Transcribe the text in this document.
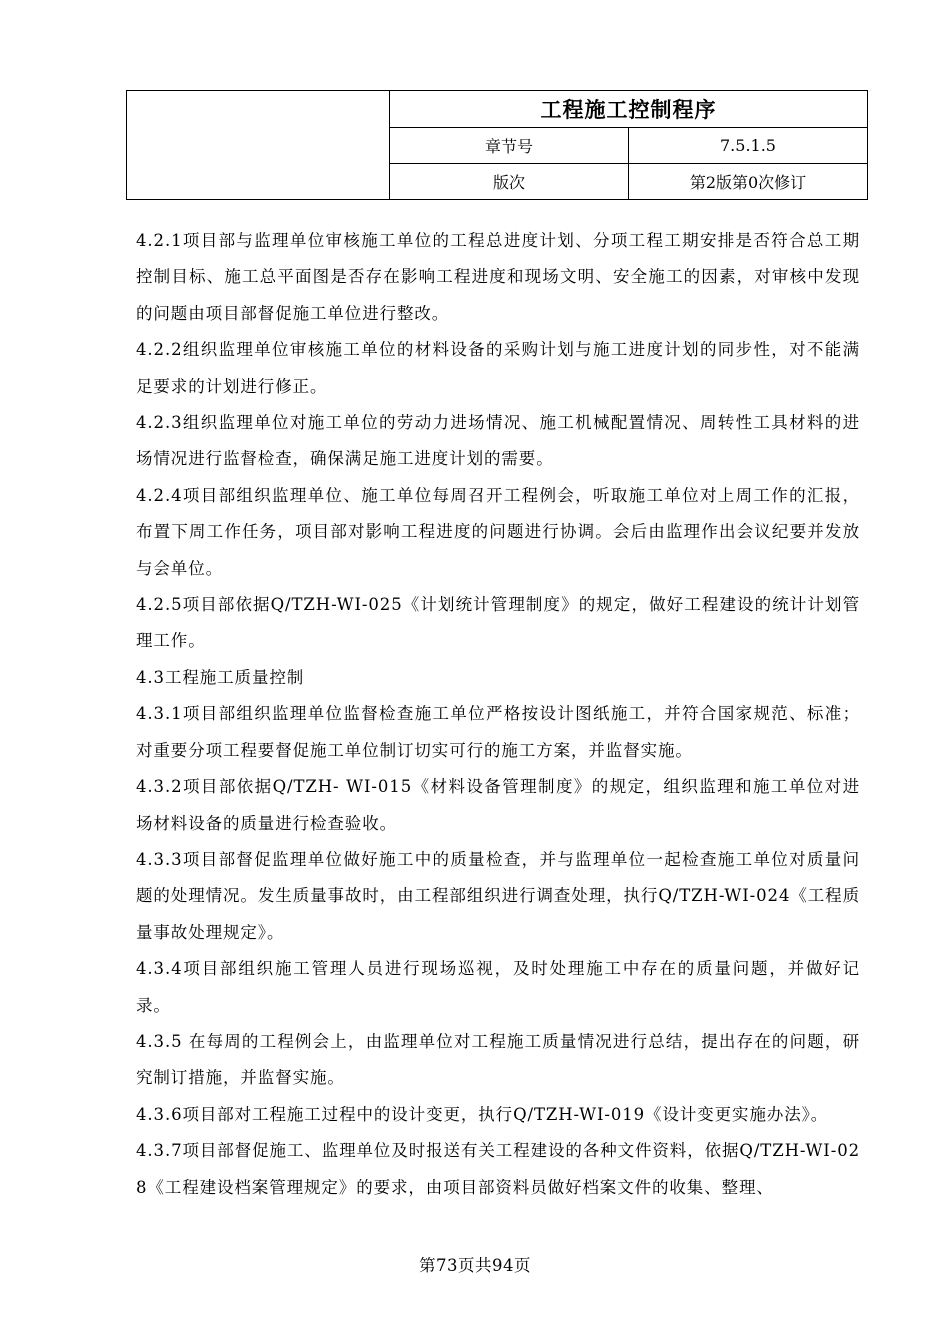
	工程施工控制程序	
	章节号	7.5.1.5
	版次	第2版第0次修订

4.2.1项目部与监理单位审核施工单位的工程总进度计划、分项工程工期安排是否符合总工期控制目标、施工总平面图是否存在影响工程进度和现场文明、安全施工的因素，对审核中发现的问题由项目部督促施工单位进行整改。

4.2.2组织监理单位审核施工单位的材料设备的采购计划与施工进度计划的同步性，对不能满足要求的计划进行修正。

4.2.3组织监理单位对施工单位的劳动力进场情况、施工机械配置情况、周转性工具材料的进场情况进行监督检查，确保满足施工进度计划的需要。

4.2.4项目部组织监理单位、施工单位每周召开工程例会，听取施工单位对上周工作的汇报，布置下周工作任务，项目部对影响工程进度的问题进行协调。会后由监理作出会议纪要并发放与会单位。

4.2.5项目部依据Q/TZH-WI-025《计划统计管理制度》的规定，做好工程建设的统计计划管理工作。

4.3工程施工质量控制

4.3.1项目部组织监理单位监督检查施工单位严格按设计图纸施工，并符合国家规范、标准；对重要分项工程要督促施工单位制订切实可行的施工方案，并监督实施。

4.3.2项目部依据Q/TZH- WI-015《材料设备管理制度》的规定，组织监理和施工单位对进场材料设备的质量进行检查验收。

4.3.3项目部督促监理单位做好施工中的质量检查，并与监理单位一起检查施工单位对质量问题的处理情况。发生质量事故时，由工程部组织进行调查处理，执行Q/TZH-WI-024《工程质量事故处理规定》。

4.3.4项目部组织施工管理人员进行现场巡视，及时处理施工中存在的质量问题，并做好记录。

4.3.5 在每周的工程例会上，由监理单位对工程施工质量情况进行总结，提出存在的问题，研究制订措施，并监督实施。

4.3.6项目部对工程施工过程中的设计变更，执行Q/TZH-WI-019《设计变更实施办法》。

4.3.7项目部督促施工、监理单位及时报送有关工程建设的各种文件资料，依据Q/TZH-WI-028《工程建设档案管理规定》的要求，由项目部资料员做好档案文件的收集、整理、

第73页共94页
